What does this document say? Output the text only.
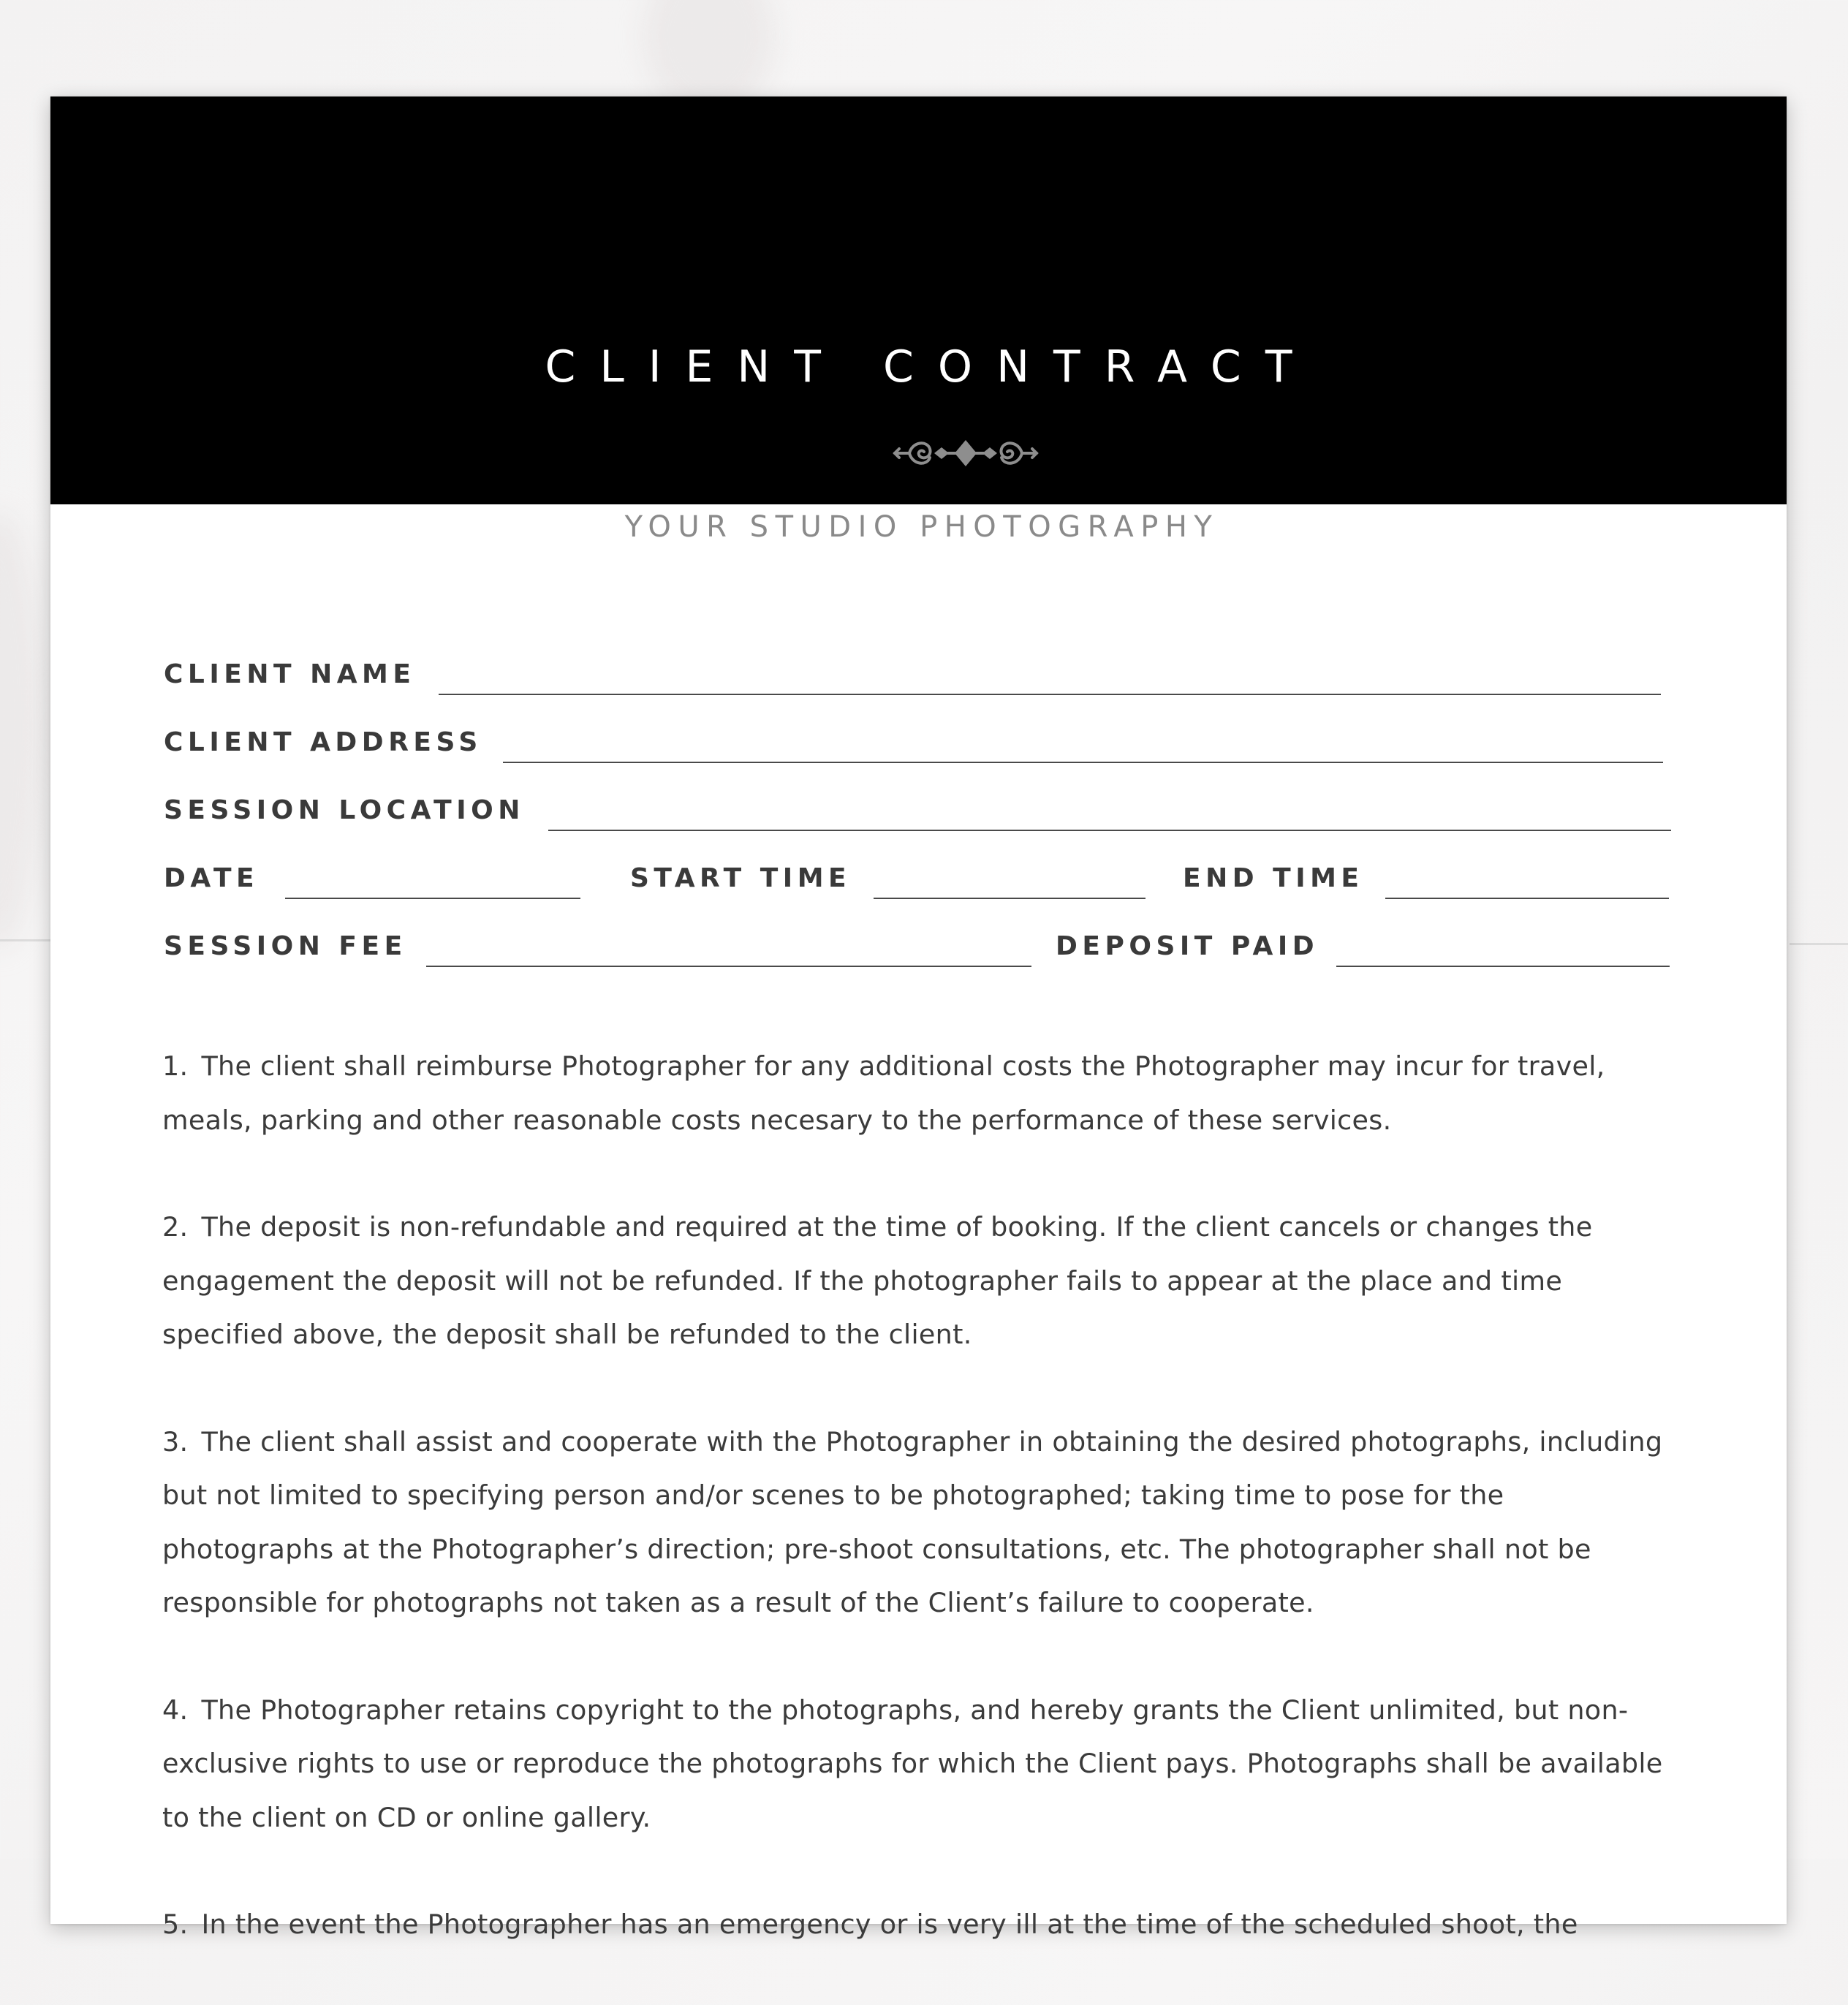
CLIENT CONTRACT
YOUR STUDIO PHOTOGRAPHY
CLIENT NAME
CLIENT ADDRESS
SESSION LOCATION
DATE	START TIME	END TIME
SESSION FEE	DEPOSIT PAID

1. The client shall reimburse Photographer for any additional costs the Photographer may incur for travel, meals, parking and other reasonable costs necesary to the performance of these services.

2. The deposit is non-refundable and required at the time of booking. If the client cancels or changes the engagement the deposit will not be refunded. If the photographer fails to appear at the place and time specified above, the deposit shall be refunded to the client.

3. The client shall assist and cooperate with the Photographer in obtaining the desired photographs, including but not limited to specifying person and/or scenes to be photographed; taking time to pose for the photographs at the Photographer’s direction; pre-shoot consultations, etc. The photographer shall not be responsible for photographs not taken as a result of the Client’s failure to cooperate.

4. The Photographer retains copyright to the photographs, and hereby grants the Client unlimited, but non-exclusive rights to use or reproduce the photographs for which the Client pays. Photographs shall be available to the client on CD or online gallery.

5. In the event the Photographer has an emergency or is very ill at the time of the scheduled shoot, the
